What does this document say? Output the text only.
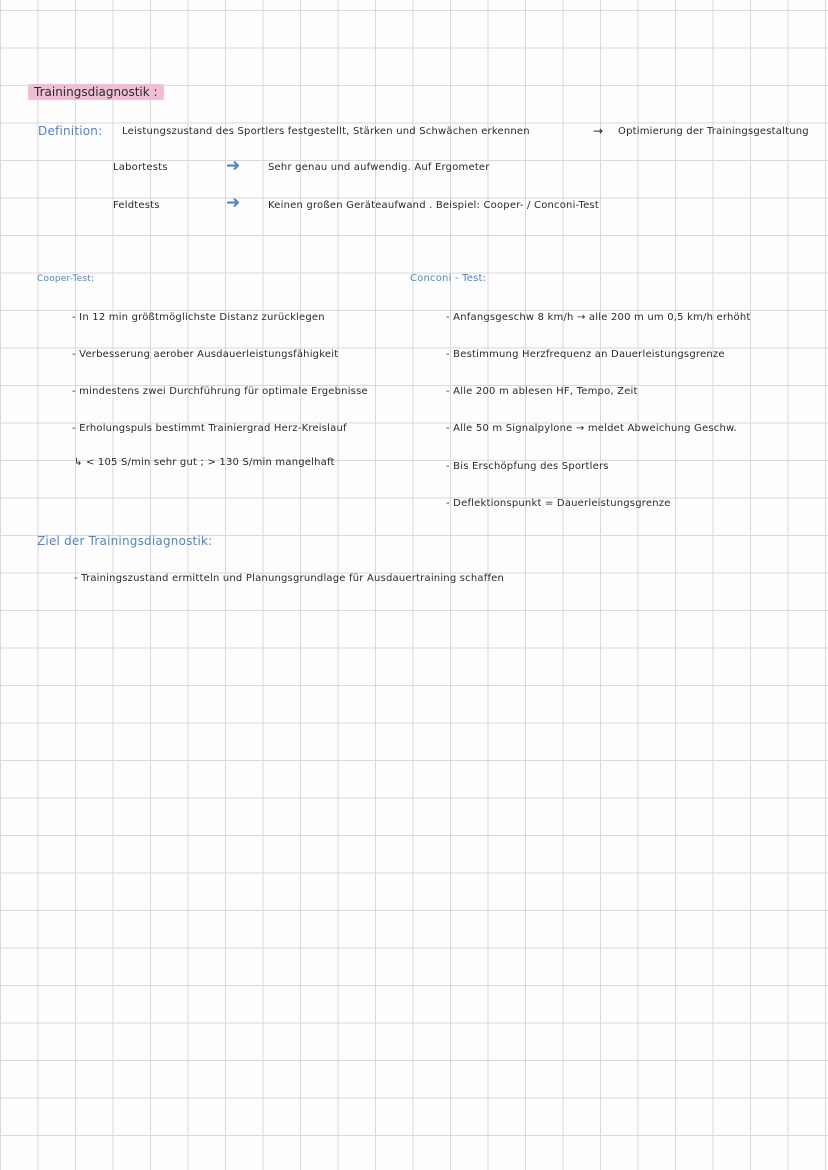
Trainingsdiagnostik :
Definition: Leistungszustand des Sportlers festgestellt, Stärken und Schwächen erkennen	→ Optimierung der Trainingsgestaltung
Labortests	➜	Sehr genau und aufwendig. Auf Ergometer
Feldtests	➜	Keinen großen Geräteaufwand . Beispiel: Cooper- / Conconi-Test
Cooper-Test:
- In 12 min größtmöglichste Distanz zurücklegen
- Verbesserung aerober Ausdauerleistungsfähigkeit
- mindestens zwei Durchführung für optimale Ergebnisse
- Erholungspuls bestimmt Trainiergrad Herz-Kreislauf
↳ < 105 S/min sehr gut ; > 130 S/min mangelhaft
Conconi - Test:
- Anfangsgeschw 8 km/h → alle 200 m um 0,5 km/h erhöht
- Bestimmung Herzfrequenz an Dauerleistungsgrenze
- Alle 200 m ablesen HF, Tempo, Zeit
- Alle 50 m Signalpylone → meldet Abweichung Geschw.
- Bis Erschöpfung des Sportlers
- Deflektionspunkt = Dauerleistungsgrenze
Ziel der Trainingsdiagnostik:
- Trainingszustand ermitteln und Planungsgrundlage für Ausdauertraining schaffen
